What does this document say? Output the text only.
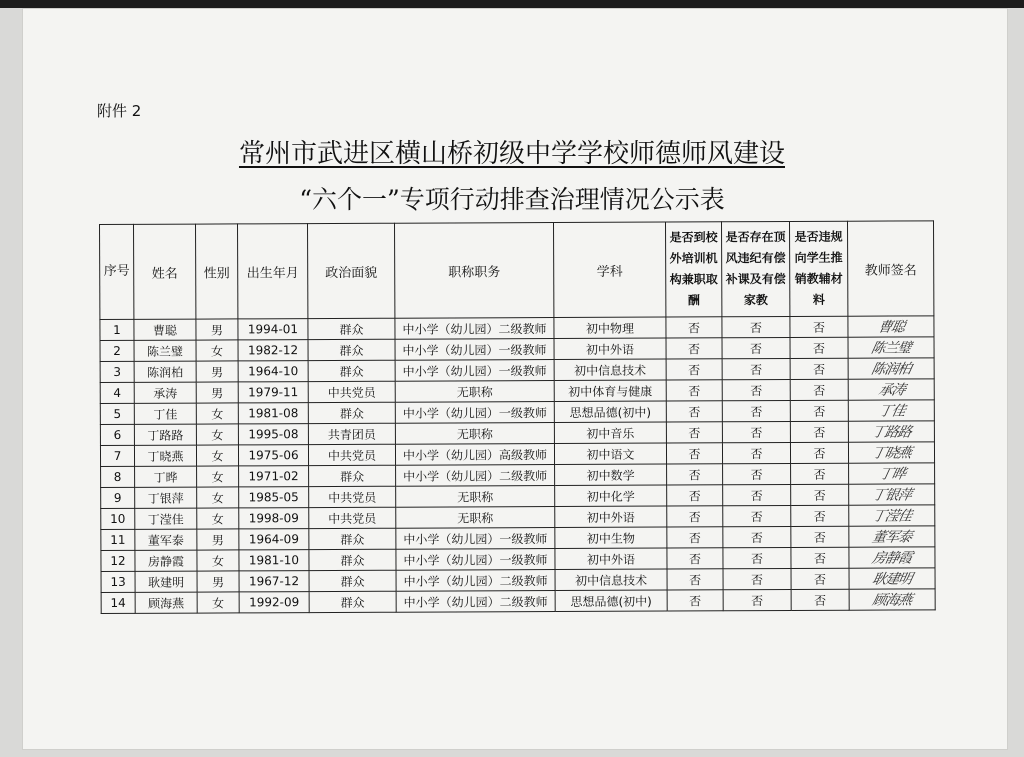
附件 2
常州市武进区横山桥初级中学学校师德师风建设
“六个一”专项行动排查治理情况公示表
序号	姓名	性别	出生年月	政治面貌	职称职务	学科	是否到校外培训机构兼职取酬	是否存在顶风违纪有偿补课及有偿家教	是否违规向学生推销教辅材料	教师签名
1	曹聪	男	1994-01	群众	中小学（幼儿园）二级教师	初中物理	否	否	否	曹聪
2	陈兰璧	女	1982-12	群众	中小学（幼儿园）一级教师	初中外语	否	否	否	陈兰璧
3	陈润柏	男	1964-10	群众	中小学（幼儿园）一级教师	初中信息技术	否	否	否	陈润柏
4	承涛	男	1979-11	中共党员	无职称	初中体育与健康	否	否	否	承涛
5	丁佳	女	1981-08	群众	中小学（幼儿园）一级教师	思想品德(初中)	否	否	否	丁佳
6	丁路路	女	1995-08	共青团员	无职称	初中音乐	否	否	否	丁路路
7	丁晓燕	女	1975-06	中共党员	中小学（幼儿园）高级教师	初中语文	否	否	否	丁晓燕
8	丁晔	女	1971-02	群众	中小学（幼儿园）二级教师	初中数学	否	否	否	丁晔
9	丁银萍	女	1985-05	中共党员	无职称	初中化学	否	否	否	丁银萍
10	丁滢佳	女	1998-09	中共党员	无职称	初中外语	否	否	否	丁滢佳
11	董军泰	男	1964-09	群众	中小学（幼儿园）一级教师	初中生物	否	否	否	董军泰
12	房静霞	女	1981-10	群众	中小学（幼儿园）一级教师	初中外语	否	否	否	房静霞
13	耿建明	男	1967-12	群众	中小学（幼儿园）二级教师	初中信息技术	否	否	否	耿建明
14	顾海燕	女	1992-09	群众	中小学（幼儿园）二级教师	思想品德(初中)	否	否	否	顾海燕
